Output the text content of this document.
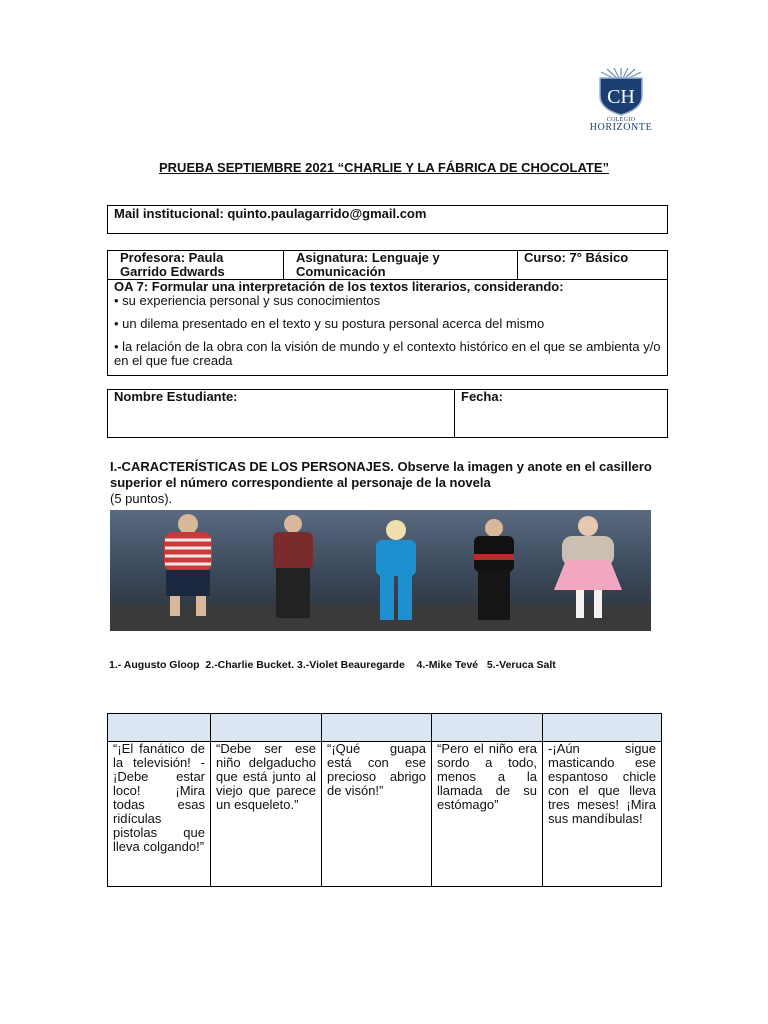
CH
COLEGIO
HORIZONTE
PRUEBA SEPTIEMBRE 2021 “CHARLIE Y LA FÁBRICA DE CHOCOLATE”
Mail institucional: quinto.paulagarrido@gmail.com
Profesora: Paula
Garrido Edwards
Asignatura: Lenguaje y
Comunicación
Curso: 7° Básico

OA 7: Formular una interpretación de los textos literarios, considerando:

• su experiencia personal y sus conocimientos

• un dilema presentado en el texto y su postura personal acerca del mismo

• la relación de la obra con la visión de mundo y el contexto histórico en el que se ambienta y/o en el que fue creada

Nombre Estudiante:	Fecha:
I.-CARACTERÍSTICAS DE LOS PERSONAJES. Observe la imagen y anote en el casillero superior el número correspondiente al personaje de la novela
(5 puntos).
1.- Augusto Gloop  2.-Charlie Bucket. 3.-Violet Beauregarde    4.-Mike Tevé   5.-Veruca Salt

“¡El fanático de la televisión! -¡Debe estar loco! ¡Mira todas esas ridículas pistolas que lleva colgando!”	“Debe ser ese niño delgaducho que está junto al viejo que parece un esqueleto.”	“¡Qué guapa está con ese precioso abrigo de visón!”	“Pero el niño era sordo a todo, menos a la llamada de su estómago”	-¡Aún sigue masticando ese espantoso chicle con el que lleva tres meses! ¡Mira sus mandíbulas!
